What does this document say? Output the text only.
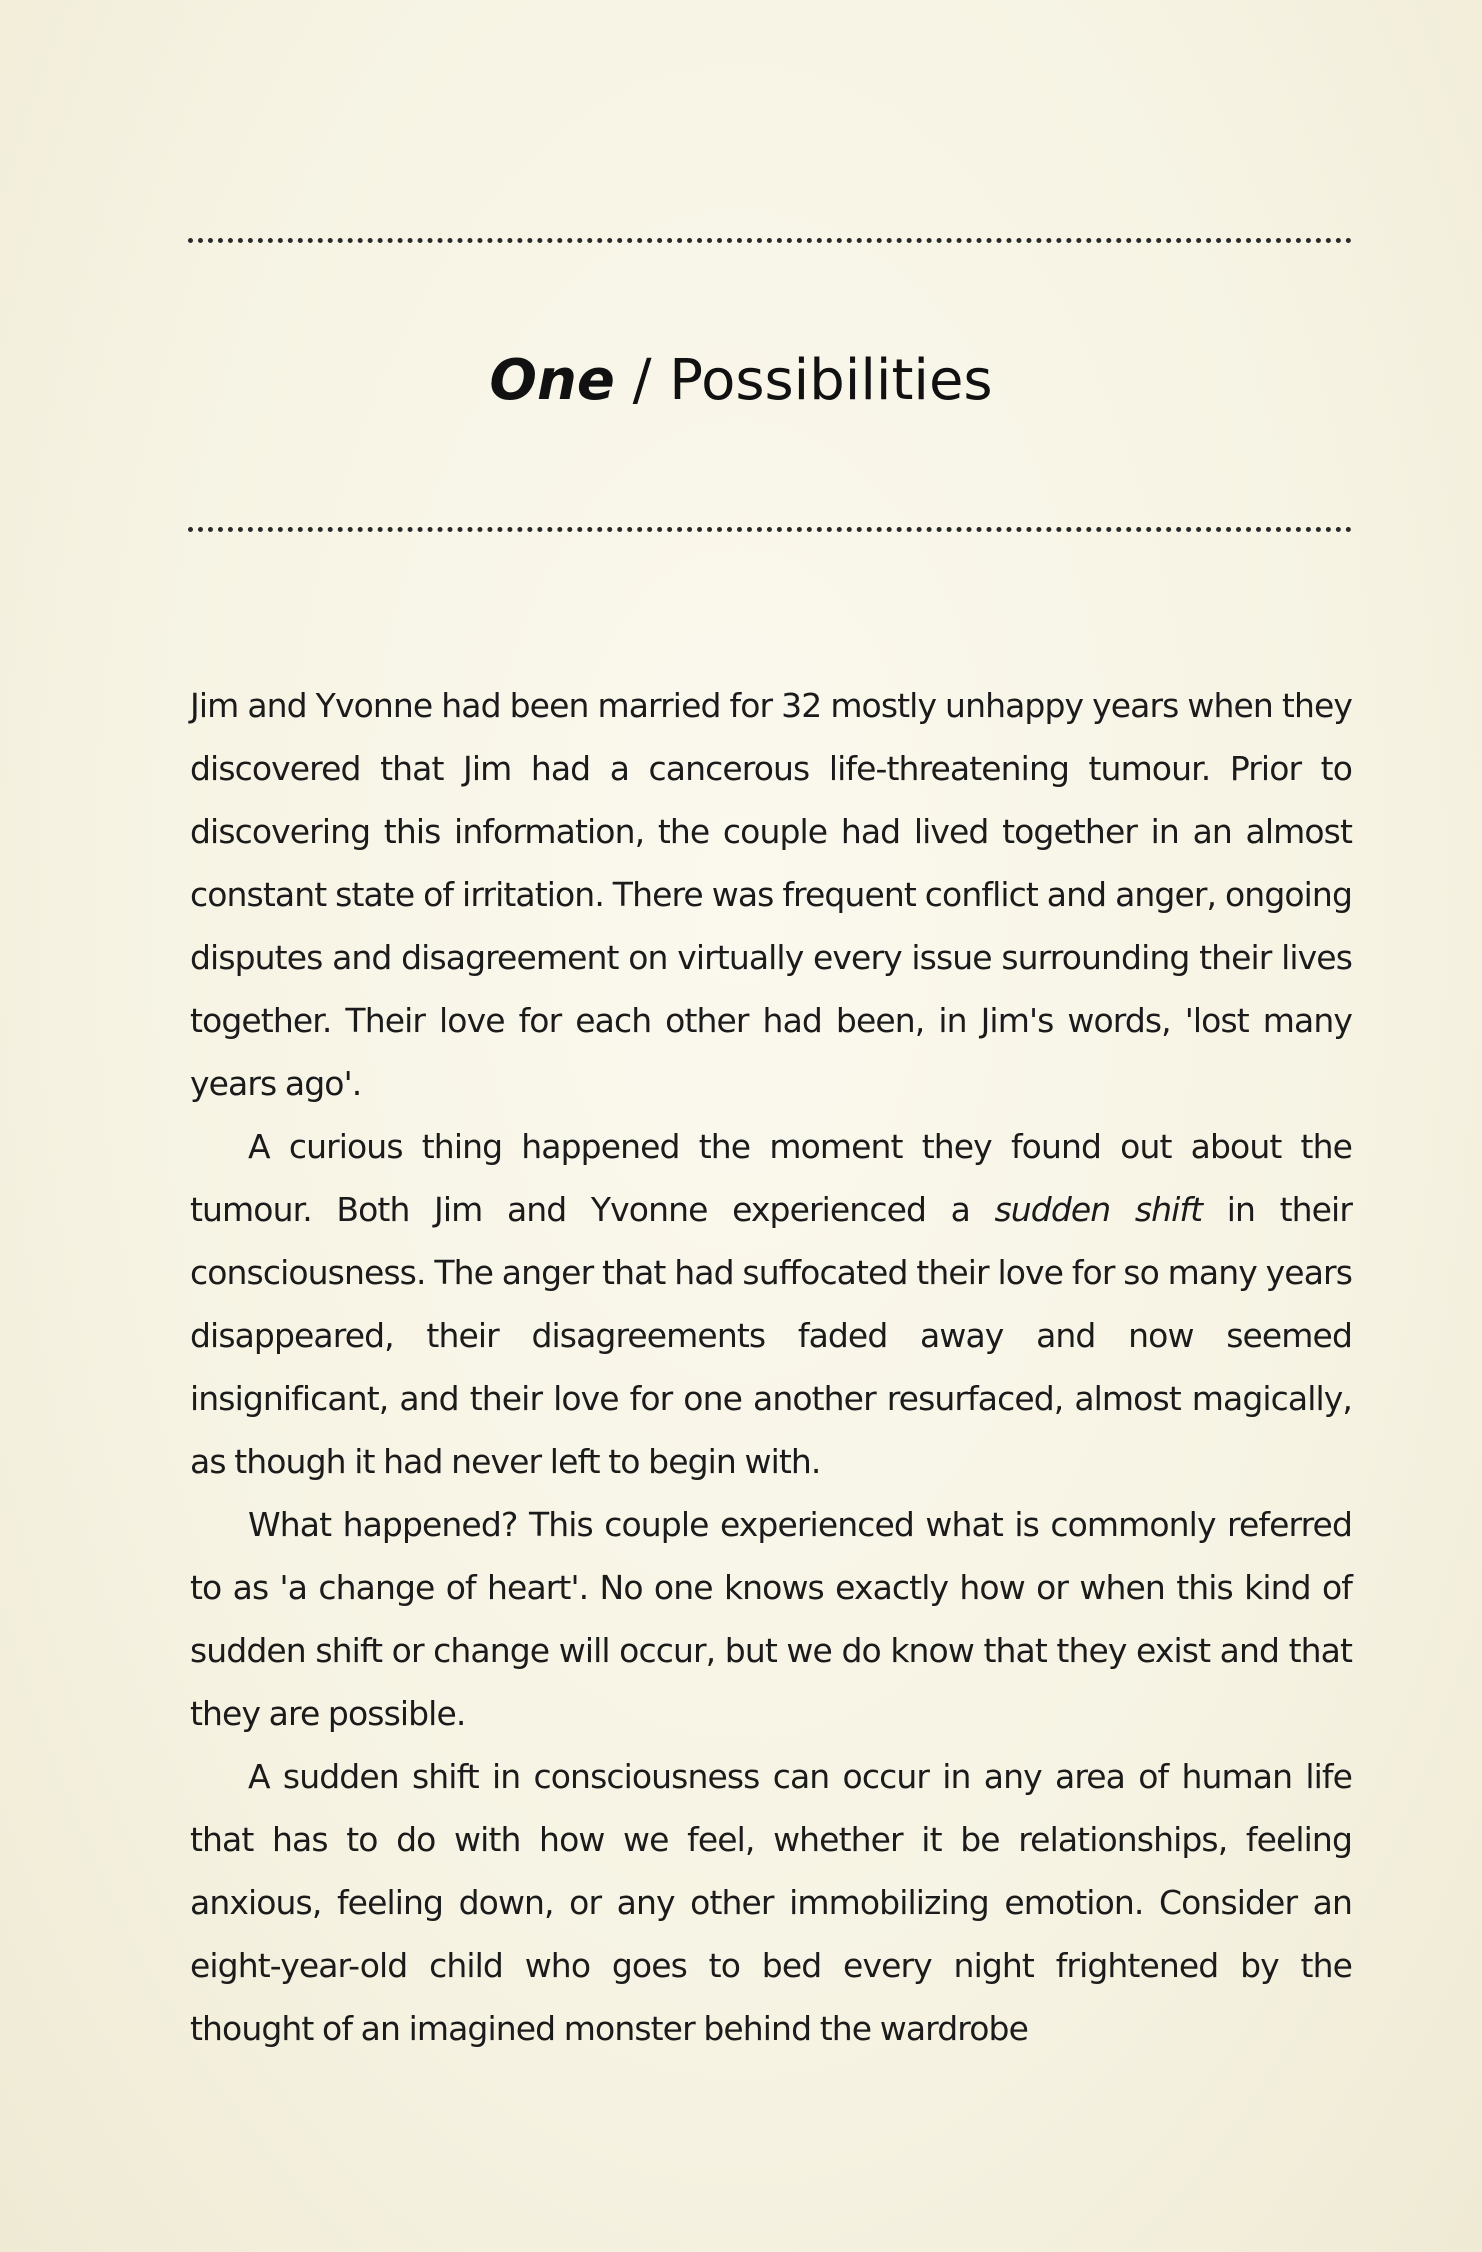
One / Possibilities

Jim and Yvonne had been married for 32 mostly unhappy years when they discovered that Jim had a cancerous life-threatening tumour. Prior to discovering this information, the couple had lived together in an almost constant state of irritation. There was frequent conflict and anger, ongoing disputes and disagreement on virtually every issue surrounding their lives together. Their love for each other had been, in Jim's words, 'lost many years ago'.

A curious thing happened the moment they found out about the tumour. Both Jim and Yvonne experienced a sudden shift in their consciousness. The anger that had suffocated their love for so many years disappeared, their disagreements faded away and now seemed insignificant, and their love for one another resurfaced, almost magically, as though it had never left to begin with.

What happened? This couple experienced what is commonly referred to as 'a change of heart'. No one knows exactly how or when this kind of sudden shift or change will occur, but we do know that they exist and that they are possible.

A sudden shift in consciousness can occur in any area of human life that has to do with how we feel, whether it be relationships, feeling anxious, feeling down, or any other immobilizing emotion. Consider an eight-year-old child who goes to bed every night frightened by the thought of an imagined monster behind the wardrobe
